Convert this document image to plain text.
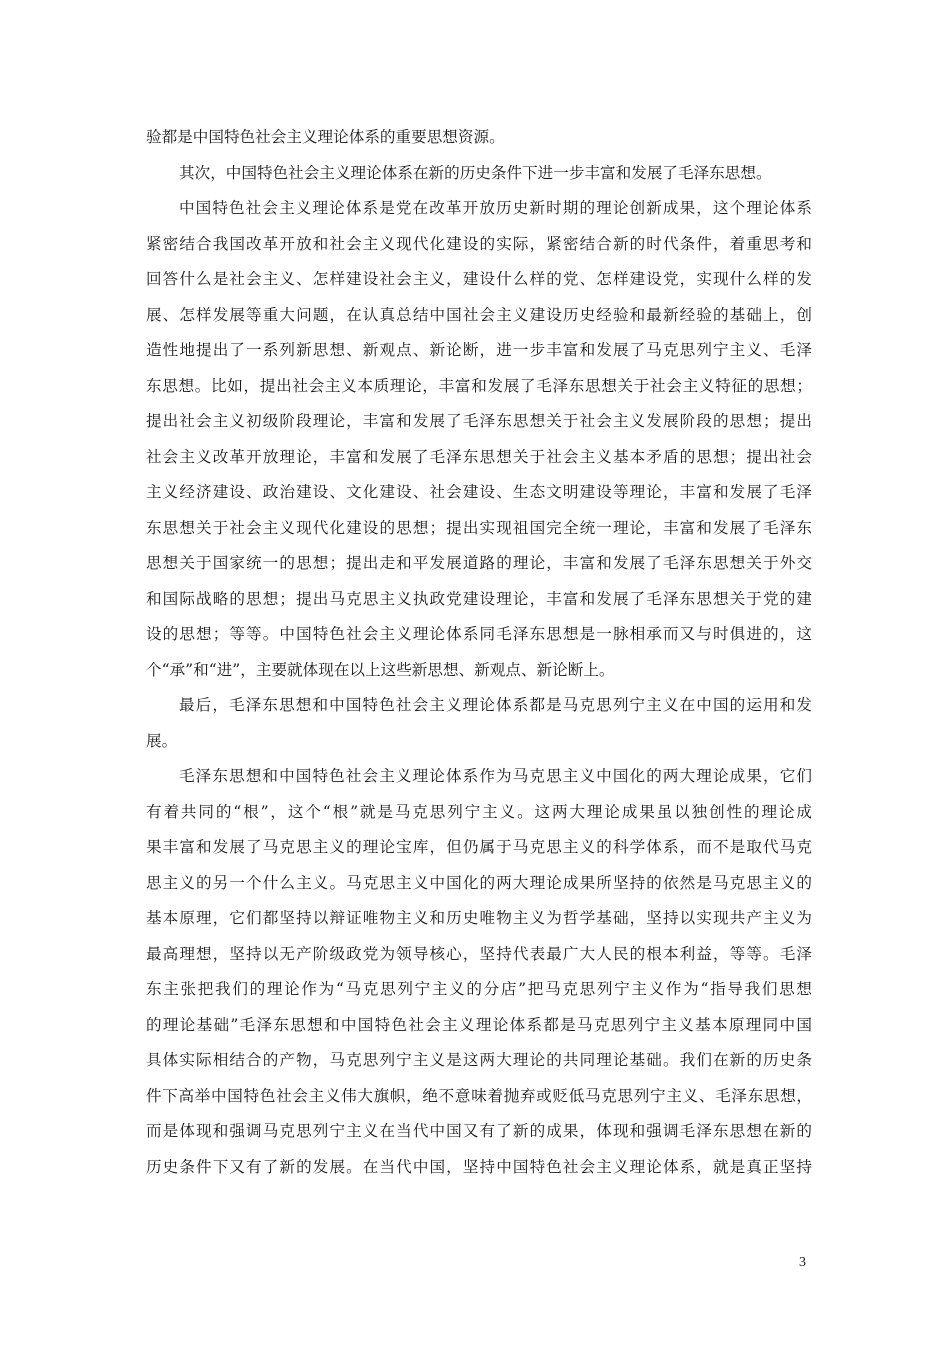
验都是中国特色社会主义理论体系的重要思想资源。
其次，中国特色社会主义理论体系在新的历史条件下进一步丰富和发展了毛泽东思想。
中国特色社会主义理论体系是党在改革开放历史新时期的理论创新成果，这个理论体系
紧密结合我国改革开放和社会主义现代化建设的实际，紧密结合新的时代条件，着重思考和
回答什么是社会主义、怎样建设社会主义，建设什么样的党、怎样建设党，实现什么样的发
展、怎样发展等重大问题，在认真总结中国社会主义建设历史经验和最新经验的基础上，创
造性地提出了一系列新思想、新观点、新论断，进一步丰富和发展了马克思列宁主义、毛泽
东思想。比如，提出社会主义本质理论，丰富和发展了毛泽东思想关于社会主义特征的思想；
提出社会主义初级阶段理论，丰富和发展了毛泽东思想关于社会主义发展阶段的思想；提出
社会主义改革开放理论，丰富和发展了毛泽东思想关于社会主义基本矛盾的思想；提出社会
主义经济建设、政治建设、文化建设、社会建设、生态文明建设等理论，丰富和发展了毛泽
东思想关于社会主义现代化建设的思想；提出实现祖国完全统一理论，丰富和发展了毛泽东
思想关于国家统一的思想；提出走和平发展道路的理论，丰富和发展了毛泽东思想关于外交
和国际战略的思想；提出马克思主义执政党建设理论，丰富和发展了毛泽东思想关于党的建
设的思想；等等。中国特色社会主义理论体系同毛泽东思想是一脉相承而又与时俱进的，这
个“承”和“进”，主要就体现在以上这些新思想、新观点、新论断上。
最后，毛泽东思想和中国特色社会主义理论体系都是马克思列宁主义在中国的运用和发
展。
毛泽东思想和中国特色社会主义理论体系作为马克思主义中国化的两大理论成果，它们
有着共同的“根”，这个“根”就是马克思列宁主义。这两大理论成果虽以独创性的理论成
果丰富和发展了马克思主义的理论宝库，但仍属于马克思主义的科学体系，而不是取代马克
思主义的另一个什么主义。马克思主义中国化的两大理论成果所坚持的依然是马克思主义的
基本原理，它们都坚持以辩证唯物主义和历史唯物主义为哲学基础，坚持以实现共产主义为
最高理想，坚持以无产阶级政党为领导核心，坚持代表最广大人民的根本利益，等等。毛泽
东主张把我们的理论作为“马克思列宁主义的分店”把马克思列宁主义作为“指导我们思想
的理论基础”毛泽东思想和中国特色社会主义理论体系都是马克思列宁主义基本原理同中国
具体实际相结合的产物，马克思列宁主义是这两大理论的共同理论基础。我们在新的历史条
件下高举中国特色社会主义伟大旗帜，绝不意味着抛弃或贬低马克思列宁主义、毛泽东思想，
而是体现和强调马克思列宁主义在当代中国又有了新的成果，体现和强调毛泽东思想在新的
历史条件下又有了新的发展。在当代中国，坚持中国特色社会主义理论体系，就是真正坚持
3
